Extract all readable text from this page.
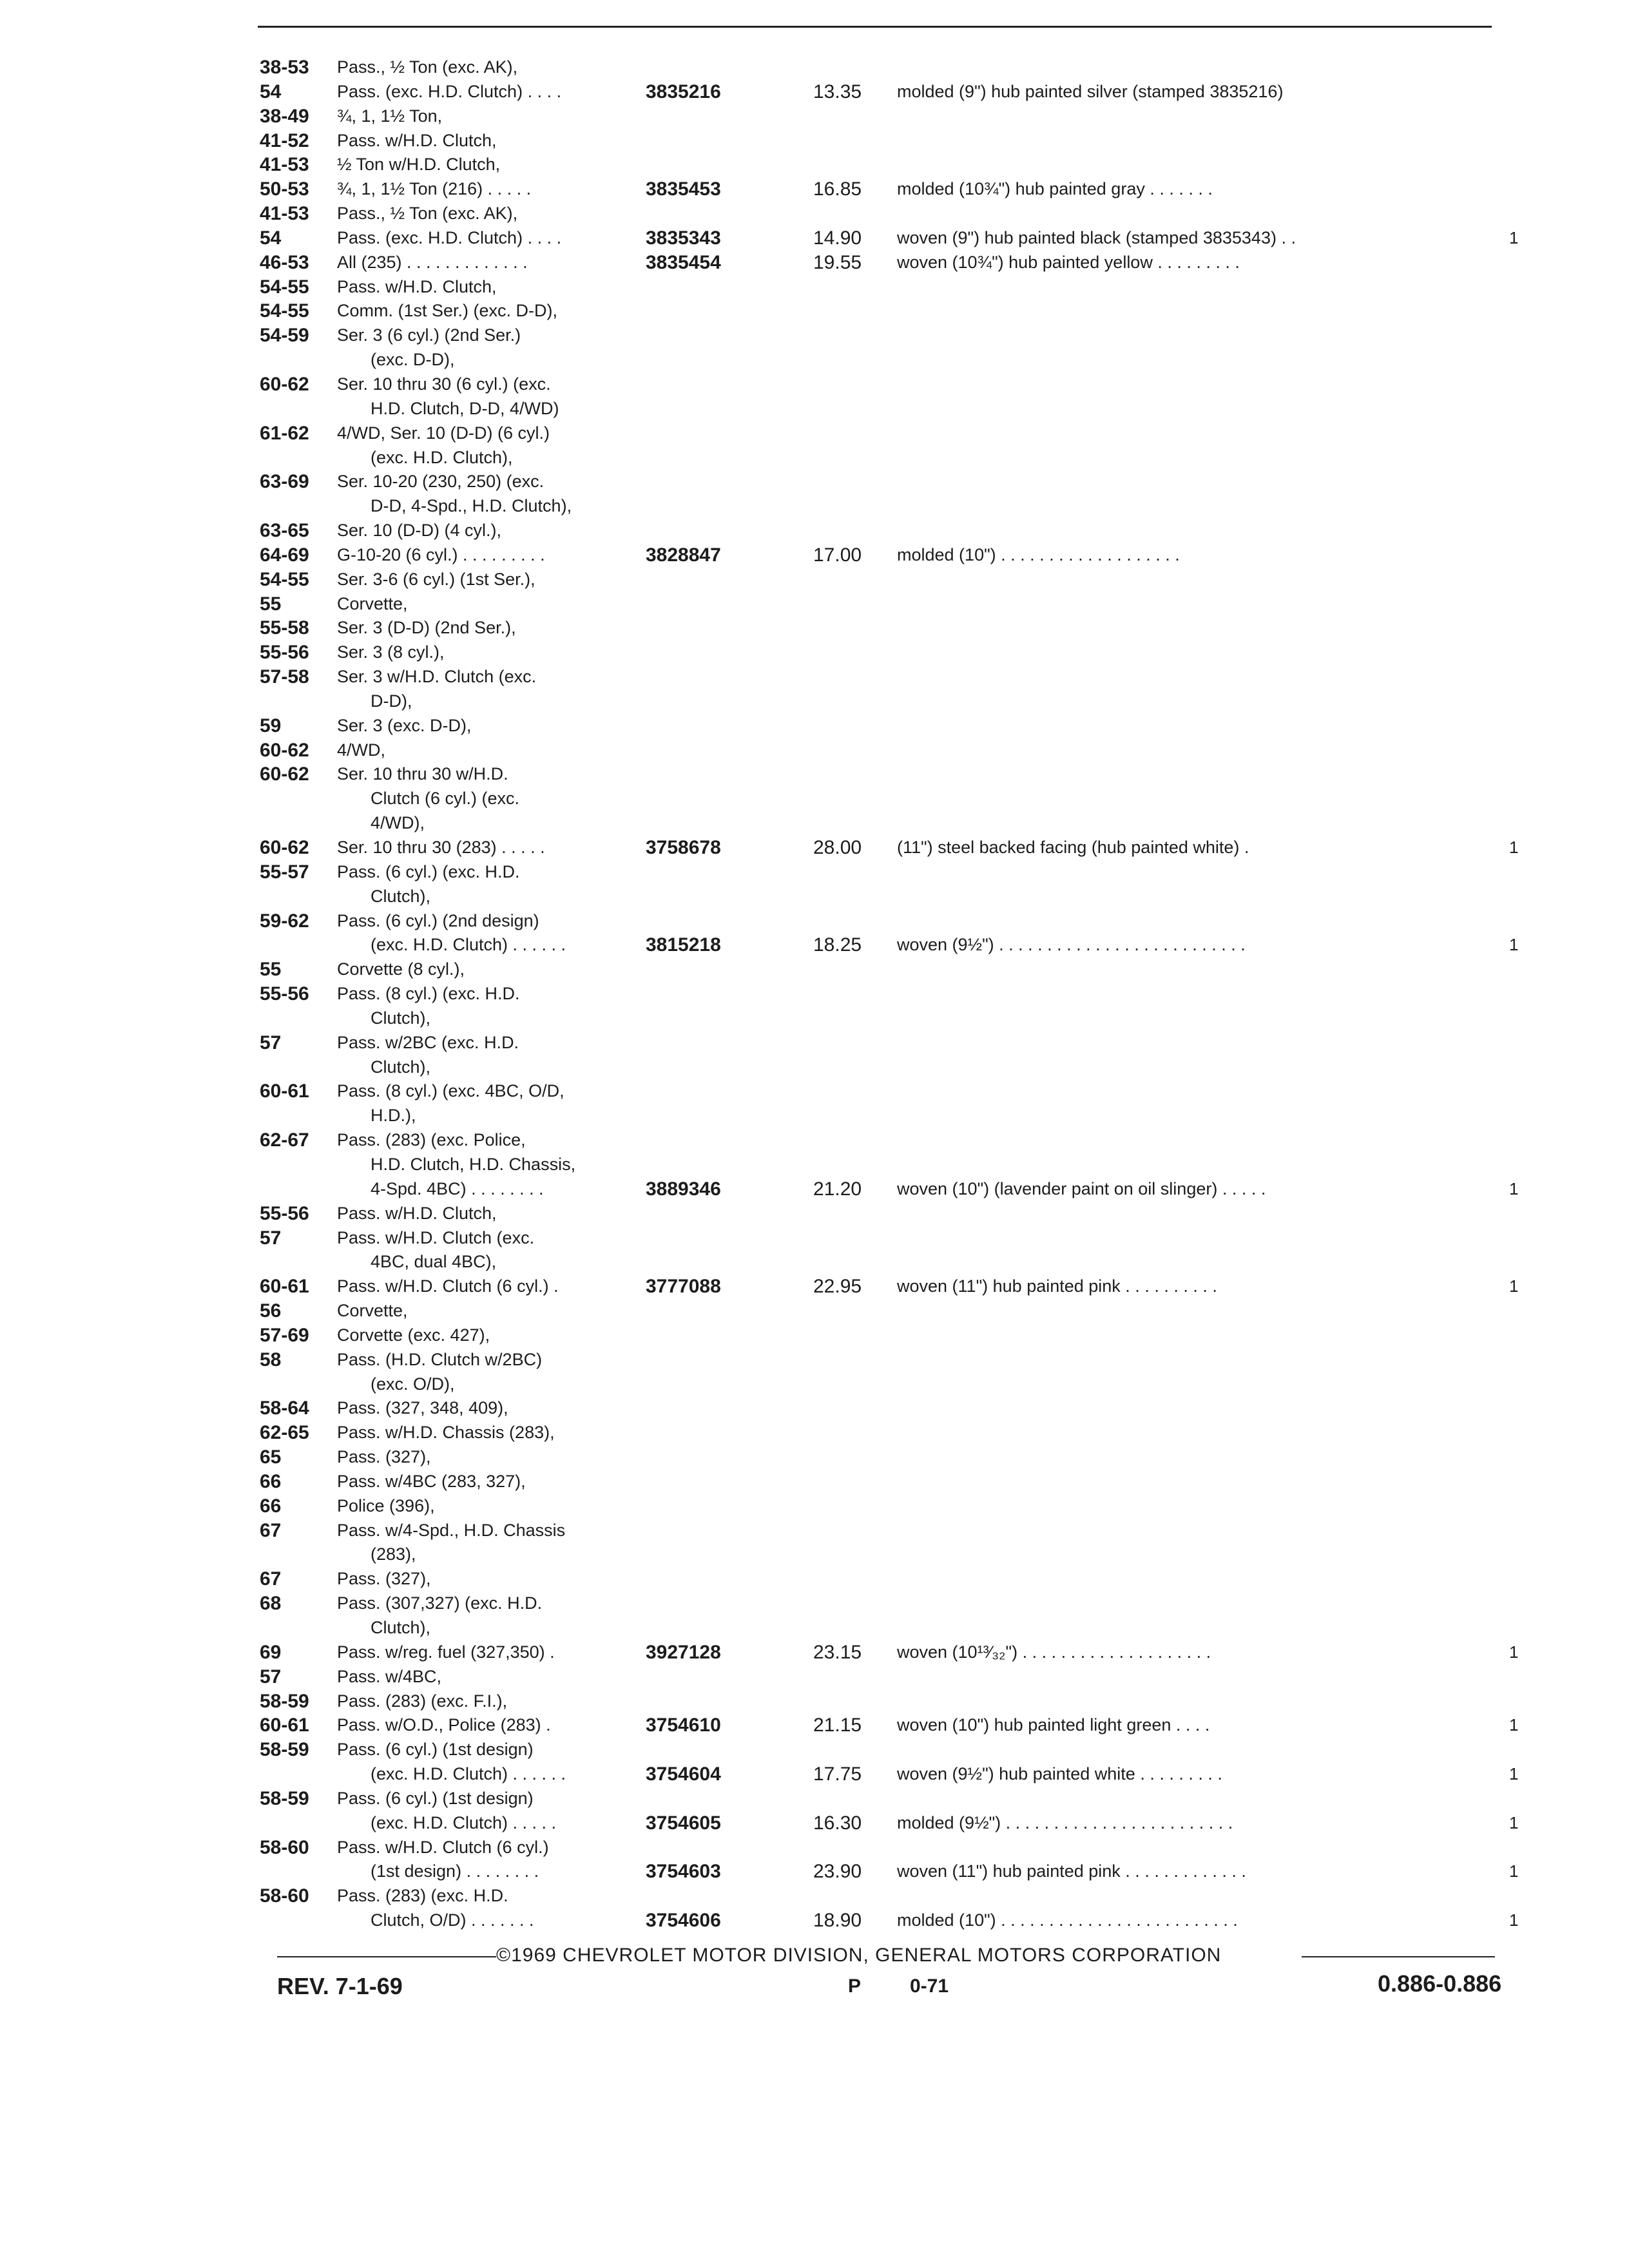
38-53 Pass., ½ Ton (exc. AK),
54	Pass. (exc. H.D. Clutch) . . . .	3835216	13.35 molded (9") hub painted silver (stamped 3835216)
38-49 ¾, 1, 1½ Ton,
41-52 Pass. w/H.D. Clutch,
41-53 ½ Ton w/H.D. Clutch,
50-53 ¾, 1, 1½ Ton (216) . . . . .	3835453	16.85 molded (10¾") hub painted gray . . . . . . .
41-53 Pass., ½ Ton (exc. AK),
54	Pass. (exc. H.D. Clutch) . . . .	3835343	14.90 woven (9") hub painted black (stamped 3835343) . .	1
46-53 All (235) . . . . . . . . . . . . .	3835454	19.55 woven (10¾") hub painted yellow . . . . . . . . .
54-55 Pass. w/H.D. Clutch,
54-55 Comm. (1st Ser.) (exc. D-D),
54-59 Ser. 3 (6 cyl.) (2nd Ser.)
(exc. D-D),
60-62 Ser. 10 thru 30 (6 cyl.) (exc.
H.D. Clutch, D-D, 4/WD)
61-62 4/WD, Ser. 10 (D-D) (6 cyl.)
(exc. H.D. Clutch),
63-69 Ser. 10-20 (230, 250) (exc.
D-D, 4-Spd., H.D. Clutch),
63-65 Ser. 10 (D-D) (4 cyl.),
64-69 G-10-20 (6 cyl.) . . . . . . . . .	3828847	17.00 molded (10") . . . . . . . . . . . . . . . . . . .
54-55 Ser. 3-6 (6 cyl.) (1st Ser.),
55	Corvette,
55-58 Ser. 3 (D-D) (2nd Ser.),
55-56 Ser. 3 (8 cyl.),
57-58 Ser. 3 w/H.D. Clutch (exc.
D-D),
59	Ser. 3 (exc. D-D),
60-62 4/WD,
60-62 Ser. 10 thru 30 w/H.D.
Clutch (6 cyl.) (exc.
4/WD),
60-62 Ser. 10 thru 30 (283) . . . . .	3758678	28.00 (11") steel backed facing (hub painted white) .	1
55-57 Pass. (6 cyl.) (exc. H.D.
Clutch),
59-62 Pass. (6 cyl.) (2nd design)
(exc. H.D. Clutch) . . . . . .	3815218	18.25 woven (9½") . . . . . . . . . . . . . . . . . . . . . . . . . .	1
55	Corvette (8 cyl.),
55-56 Pass. (8 cyl.) (exc. H.D.
Clutch),
57	Pass. w/2BC (exc. H.D.
Clutch),
60-61 Pass. (8 cyl.) (exc. 4BC, O/D,
H.D.),
62-67 Pass. (283) (exc. Police,
H.D. Clutch, H.D. Chassis,
4-Spd. 4BC) . . . . . . . .	3889346	21.20 woven (10") (lavender paint on oil slinger) . . . . .	1
55-56 Pass. w/H.D. Clutch,
57	Pass. w/H.D. Clutch (exc.
4BC, dual 4BC),
60-61 Pass. w/H.D. Clutch (6 cyl.) .	3777088	22.95 woven (11") hub painted pink . . . . . . . . . .	1
56	Corvette,
57-69 Corvette (exc. 427),
58	Pass. (H.D. Clutch w/2BC)
(exc. O/D),
58-64 Pass. (327, 348, 409),
62-65 Pass. w/H.D. Chassis (283),
65	Pass. (327),
66	Pass. w/4BC (283, 327),
66	Police (396),
67	Pass. w/4-Spd., H.D. Chassis
(283),
67	Pass. (327),
68	Pass. (307,327) (exc. H.D.
Clutch),
69	Pass. w/reg. fuel (327,350) .	3927128	23.15 woven (10¹³⁄₃₂") . . . . . . . . . . . . . . . . . . . .	1
57	Pass. w/4BC,
58-59 Pass. (283) (exc. F.I.),
60-61 Pass. w/O.D., Police (283) .	3754610	21.15 woven (10") hub painted light green . . . .	1
58-59 Pass. (6 cyl.) (1st design)
(exc. H.D. Clutch) . . . . . .	3754604	17.75 woven (9½") hub painted white . . . . . . . . .	1
58-59 Pass. (6 cyl.) (1st design)
(exc. H.D. Clutch) . . . . .	3754605	16.30 molded (9½") . . . . . . . . . . . . . . . . . . . . . . . .	1
58-60 Pass. w/H.D. Clutch (6 cyl.)
(1st design) . . . . . . . .	3754603	23.90 woven (11") hub painted pink . . . . . . . . . . . . .	1
58-60 Pass. (283) (exc. H.D.
Clutch, O/D) . . . . . . .	3754606	18.90 molded (10") . . . . . . . . . . . . . . . . . . . . . . . . .	1
©1969 CHEVROLET MOTOR DIVISION, GENERAL MOTORS CORPORATION
REV. 7-1-69	P	0-71	0.886-0.886
